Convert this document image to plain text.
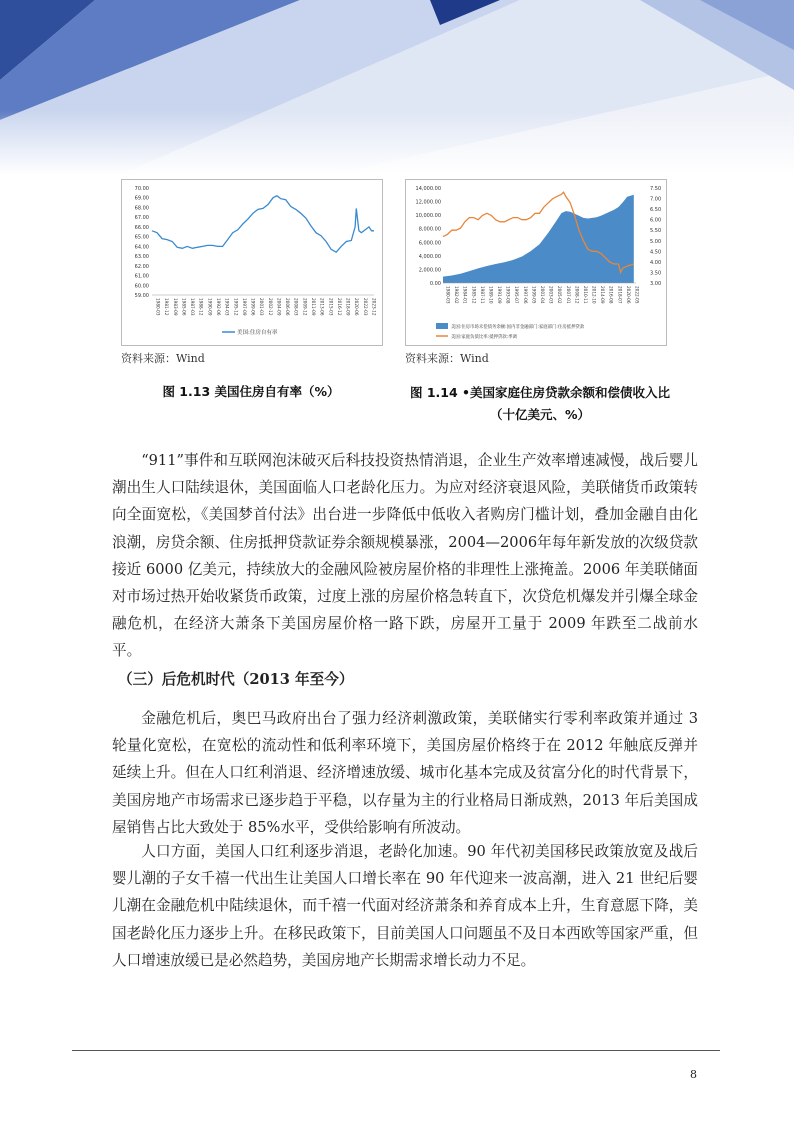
70.00
69.00
68.00
67.00
66.00
65.00
64.00
63.00
62.00
61.00
60.00
59.00
1980-03 1981-12 1983-09 1985-06 1987-03 1988-12 1990-09 1992-06 1994-03 1995-12 1997-09 1999-06 2001-03 2002-12 2004-09 2006-06 2008-03 2009-12 2011-09 2013-06 2015-03 2016-12 2018-09 2020-06 2022-03 2023-12
美国:住房自有率
资料来源：Wind
图 1.13 美国住房自有率（%）
14,000.00
12,000.00
10,000.00
8,000.00
6,000.00
4,000.00
2,000.00
0.00
7.50
7.00
6.50
6.00
5.50
5.00
4.50
4.00
3.50
3.00
1980-03 1982-02 1984-01 1985-12 1987-11 1989-10 1991-09 1993-08 1995-07 1997-06 1999-05 2001-04 2003-03 2005-02 2007-01 2008-12 2010-11 2012-10 2014-09 2016-08 2018-07 2020-06 2022-05
美国:住房市场未偿债务余额:国内非金融部门:家庭部门:住房抵押贷款
美国:家庭负债比率:抵押贷款:季调
资料来源：Wind
图 1.14 •美国家庭住房贷款余额和偿债收入比
（十亿美元、%）

“911”事件和互联网泡沫破灭后科技投资热情消退，企业生产效率增速减慢，战后婴儿潮出生人口陆续退休，美国面临人口老龄化压力。为应对经济衰退风险，美联储货币政策转向全面宽松，《美国梦首付法》出台进一步降低中低收入者购房门槛计划，叠加金融自由化浪潮，房贷余额、住房抵押贷款证券余额规模暴涨，2004—2006年每年新发放的次级贷款接近 6000 亿美元，持续放大的金融风险被房屋价格的非理性上涨掩盖。2006 年美联储面对市场过热开始收紧货币政策，过度上涨的房屋价格急转直下，次贷危机爆发并引爆全球金融危机，在经济大萧条下美国房屋价格一路下跌，房屋开工量于 2009 年跌至二战前水平。

（三）后危机时代（2013 年至今）

金融危机后，奥巴马政府出台了强力经济刺激政策，美联储实行零利率政策并通过 3 轮量化宽松，在宽松的流动性和低利率环境下，美国房屋价格终于在 2012 年触底反弹并延续上升。但在人口红利消退、经济增速放缓、城市化基本完成及贫富分化的时代背景下，美国房地产市场需求已逐步趋于平稳，以存量为主的行业格局日渐成熟，2013 年后美国成屋销售占比大致处于 85%水平，受供给影响有所波动。

人口方面，美国人口红利逐步消退，老龄化加速。90 年代初美国移民政策放宽及战后婴儿潮的子女千禧一代出生让美国人口增长率在 90 年代迎来一波高潮，进入 21 世纪后婴儿潮在金融危机中陆续退休，而千禧一代面对经济萧条和养育成本上升，生育意愿下降，美国老龄化压力逐步上升。在移民政策下，目前美国人口问题虽不及日本西欧等国家严重，但人口增速放缓已是必然趋势，美国房地产长期需求增长动力不足。

8
